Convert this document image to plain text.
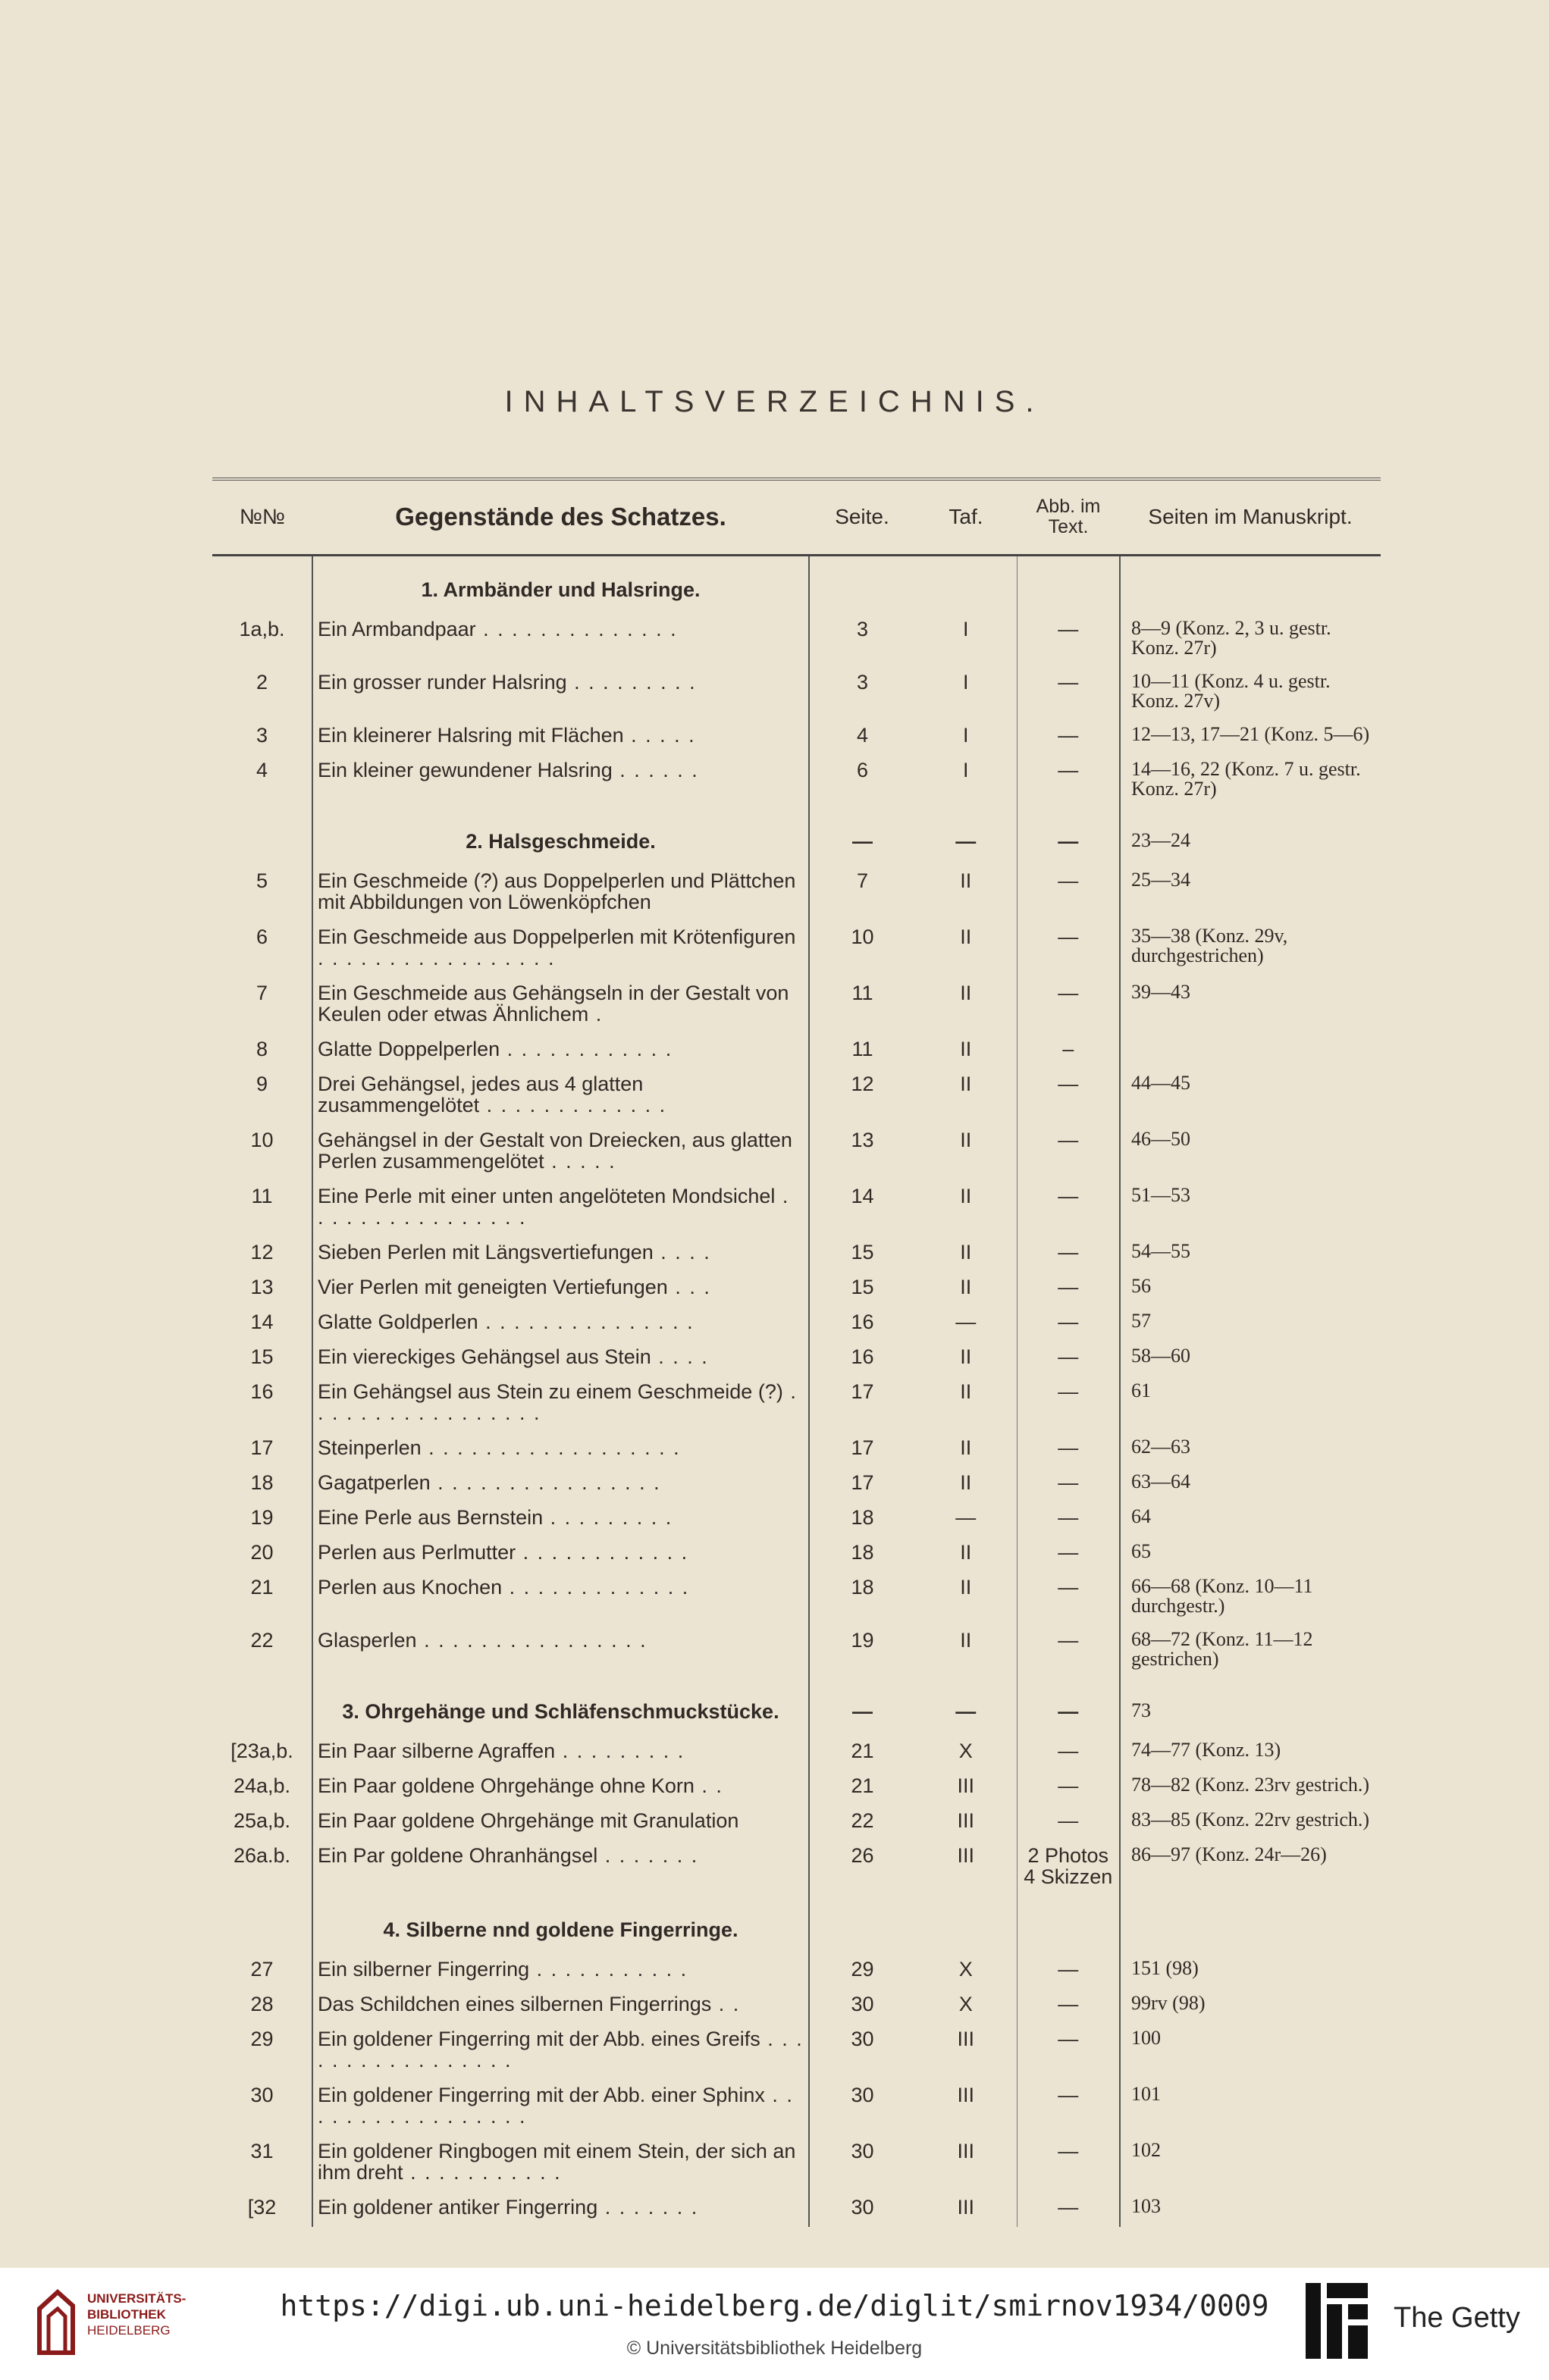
INHALTSVERZEICHNIS.
№№	Gegenstände des Schatzes.	Seite.	Taf.	Abb. im Text.	Seiten im Manuskript.
	1. Armbänder und Halsringe.				
1a,b.	Ein Armbandpaar . . . . . . . . . . . . . .	3	I	—	8—9 (Konz. 2, 3 u. gestr. Konz. 27r)
2	Ein grosser runder Halsring . . . . . . . . .	3	I	—	10—11 (Konz. 4 u. gestr. Konz. 27v)
3	Ein kleinerer Halsring mit Flächen . . . . .	4	I	—	12—13, 17—21 (Konz. 5—6)
4	Ein kleiner gewundener Halsring . . . . . .	6	I	—	14—16, 22 (Konz. 7 u. gestr. Konz. 27r)
	2. Halsgeschmeide.	—	—	—	23—24
5	Ein Geschmeide (?) aus Doppelperlen und Plättchen mit Abbildungen von Löwenköpfchen	7	II	—	25—34
6	Ein Geschmeide aus Doppelperlen mit Krötenfiguren . . . . . . . . . . . . . . . . .	10	II	—	35—38 (Konz. 29v, durchgestrichen)
7	Ein Geschmeide aus Gehängseln in der Gestalt von Keulen oder etwas Ähnlichem .	11	II	—	39—43
8	Glatte Doppelperlen . . . . . . . . . . . .	11	II	–	
9	Drei Gehängsel, jedes aus 4 glatten zusammengelötet . . . . . . . . . . . . .	12	II	—	44—45
10	Gehängsel in der Gestalt von Dreiecken, aus glatten Perlen zusammengelötet . . . . .	13	II	—	46—50
11	Eine Perle mit einer unten angelöteten Mondsichel . . . . . . . . . . . . . . . .	14	II	—	51—53
12	Sieben Perlen mit Längsvertiefungen . . . .	15	II	—	54—55
13	Vier Perlen mit geneigten Vertiefungen . . .	15	II	—	56
14	Glatte Goldperlen . . . . . . . . . . . . . . .	16	—	—	57
15	Ein viereckiges Gehängsel aus Stein . . . .	16	II	—	58—60
16	Ein Gehängsel aus Stein zu einem Geschmeide (?) . . . . . . . . . . . . . . . . .	17	II	—	61
17	Steinperlen . . . . . . . . . . . . . . . . . .	17	II	—	62—63
18	Gagatperlen . . . . . . . . . . . . . . . .	17	II	—	63—64
19	Eine Perle aus Bernstein . . . . . . . . .	18	—	—	64
20	Perlen aus Perlmutter . . . . . . . . . . . .	18	II	—	65
21	Perlen aus Knochen . . . . . . . . . . . . .	18	II	—	66—68 (Konz. 10—11 durchgestr.)
22	Glasperlen . . . . . . . . . . . . . . . .	19	II	—	68—72 (Konz. 11—12 gestrichen)
	3. Ohrgehänge und Schläfenschmuckstücke.	—	—	—	73
[23a,b.	Ein Paar silberne Agraffen . . . . . . . . .	21	X	—	74—77 (Konz. 13)
24a,b.	Ein Paar goldene Ohrgehänge ohne Korn . .	21	III	—	78—82 (Konz. 23rv gestrich.)
25a,b.	Ein Paar goldene Ohrgehänge mit Granulation	22	III	—	83—85 (Konz. 22rv gestrich.)
26a.b.	Ein Par goldene Ohranhängsel . . . . . . .	26	III	2 Photos 4 Skizzen	86—97 (Konz. 24r—26)
	4. Silberne nnd goldene Fingerringe.				
27	Ein silberner Fingerring . . . . . . . . . . .	29	X	—	151 (98)
28	Das Schildchen eines silbernen Fingerrings . .	30	X	—	99rv (98)
29	Ein goldener Fingerring mit der Abb. eines Greifs . . . . . . . . . . . . . . . . .	30	III	—	100
30	Ein goldener Fingerring mit der Abb. einer Sphinx . . . . . . . . . . . . . . . . .	30	III	—	101
31	Ein goldener Ringbogen mit einem Stein, der sich an ihm dreht . . . . . . . . . . .	30	III	—	102
[32	Ein goldener antiker Fingerring . . . . . . .	30	III	—	103
UNIVERSITÄTS-
BIBLIOTHEK
HEIDELBERG
https://digi.ub.uni-heidelberg.de/diglit/smirnov1934/0009
© Universitätsbibliothek Heidelberg
The Getty
